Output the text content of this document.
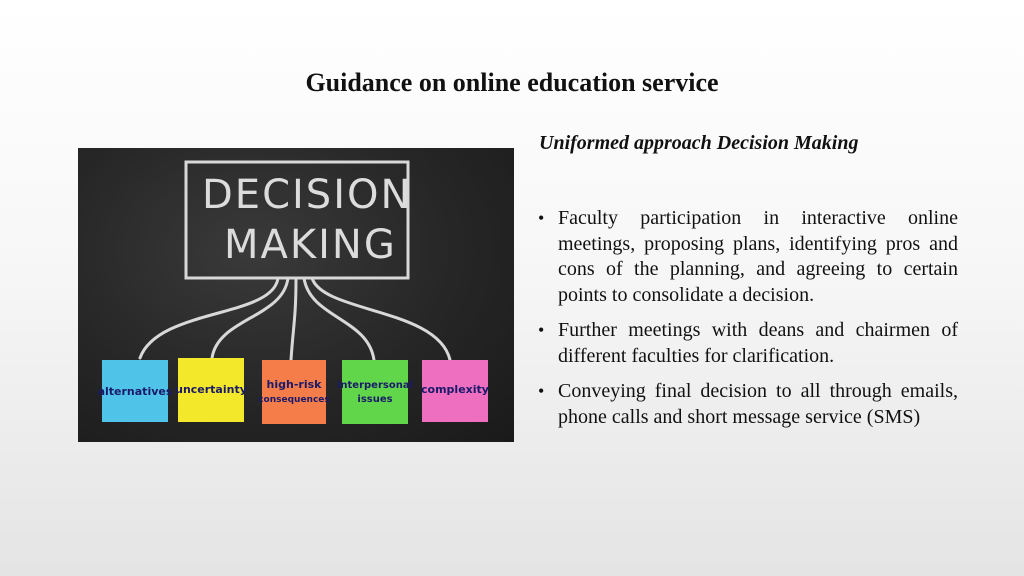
Guidance on online education service
DECISION
MAKING
alternatives uncertainty high-risk
consequences
interpersonal
issues
complexity
Uniformed approach Decision Making
• Faculty participation in interactive online meetings, proposing plans, identifying pros and cons of the planning, and agreeing to certain points to consolidate a decision.
• Further meetings with deans and chairmen of different faculties for clarification.
• Conveying final decision to all through emails, phone calls and short message service (SMS)
